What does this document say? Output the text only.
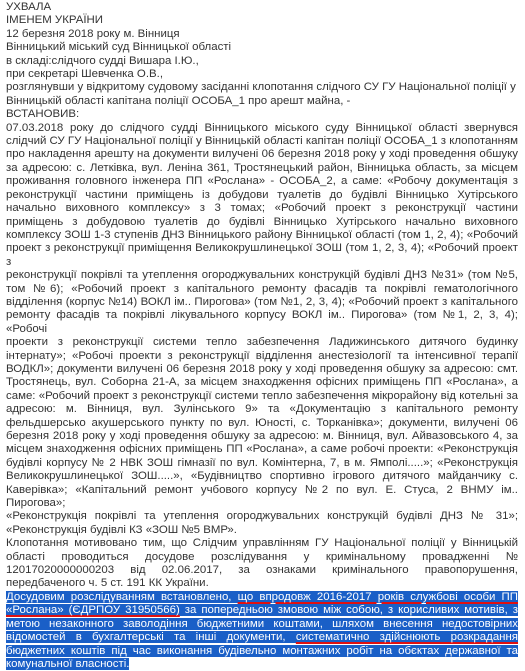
УХВАЛА
ІМЕНЕМ УКРАЇНИ
12 березня 2018 року м. Вінниця
Вінницький міський суд Вінницької області
в складі:слідчого судді Вишара І.Ю.,
при секретарі Шевченка О.В.,
розглянувши у відкритому судовому засіданні клопотання слідчого СУ ГУ Національної поліції у
Вінницькій області капітана поліції ОСОБА_1 про арешт майна, -
ВСТАНОВИВ:
07.03.2018 року до слідчого судді Вінницького міського суду Вінницької області звернувся
слідчий СУ ГУ Національної поліції у Вінницькій області капітан поліції ОСОБА_1 з клопотанням
про накладення арешту на документи вилучені 06 березня 2018 року у ході проведення обшуку
за адресою: с. Летківка, вул. Леніна 361, Тростянецький район, Вінницька область, за місцем
проживання головного інженера ПП «Рослана» - ОСОБА_2, а саме: «Робочу документація з
реконструкції частини приміщень із добудови туалетів до будівлі Вінницько Хутірського
начально виховного комплексу» з 3 томах; «Робочий проект з реконструкції частини
приміщень з добудовою туалетів до будівлі Вінницько Хутірського начально виховного
комплексу ЗОШ 1-3 ступенів ДНЗ Вінницького району Вінницької області (том 1, 2, 4); «Робочий
проект з реконструкції приміщення Великокрушлинецької ЗОШ (том 1, 2, 3, 4); «Робочий проект з
реконструкції покрівлі та утеплення огороджувальних конструкцій будівлі ДНЗ №31» (том №5,
том №6); «Робочий проект з капітального ремонту фасадів та покрівлі гематологічного
відділення (корпус №14) ВОКЛ ім.. Пирогова» (том №1, 2, 3, 4); «Робочий проект з капітального
ремонту фасадів та покрівлі лікувального корпусу ВОКЛ ім.. Пирогова» (том №1, 2, 3, 4); «Робочі
проекти з реконструкції системи тепло забезпечення Ладижинського дитячого будинку
інтернату»; «Робочі проекти з реконструкції відділення анестезіології та інтенсивної терапії
ВОДКЛ»; документи вилучені 06 березня 2018 року у ході проведення обшуку за адресою: смт.
Тростянець, вул. Соборна 21-А, за місцем знаходження офісних приміщень ПП «Рослана», а
саме: «Робочий проект з реконструкції системи тепло забезпечення мікрорайону від котельні за
адресою: м. Вінниця, вул. Зулінського 9» та «Документацію з капітального ремонту
фельдшерсько акушерського пункту по вул. Юності, с. Торканівка»; документи, вилучені 06
березня 2018 року у ході проведення обшуку за адресою: м. Вінниця, вул. Айвазовського 4, за
місцем знаходження офісних приміщень ПП «Рослана», а саме робочі проекти: «Реконструкція
будівлі корпусу № 2 НВК ЗОШ гімназії по вул. Комінтерна, 7, в м. Ямполі.....»; «Реконструкція
Великокрушлинецької ЗОШ.....», «Будівництво спортивно ігрового дитячого майданчику с.
Каверівка»; «Капітальний ремонт учбового корпусу №2 по вул. Е. Стуса, 2 ВНМУ ім.. Пирогова»;
«Реконструкція покрівлі та утеплення огороджувальних конструкцій будівлі ДНЗ № 31»;
«Реконструкція будівлі КЗ «ЗОШ №5 ВМР».
Клопотання мотивовано тим, що Слідчим управлінням ГУ Національної поліції у Вінницькій
області проводиться досудове розслідування у кримінальному провадженні №
12017020000000203 від 02.06.2017, за ознаками кримінального правопорушення,
передбаченого ч. 5 ст. 191 КК України.
Досудовим розслідуванням встановлено, що впродовж 2016-2017 років службові особи ПП
«Рослана» (ЄДРПОУ 31950566) за попередньою змовою між собою, з корисливих мотивів, з
метою незаконного заволодіння бюджетними коштами, шляхом внесення недостовірних
відомостей в бухгалтерські та інші документи, систематично здійснюють розкрадання
бюджетних коштів під час виконання будівельно монтажних робіт на обєктах державної та
комунальної власності.
